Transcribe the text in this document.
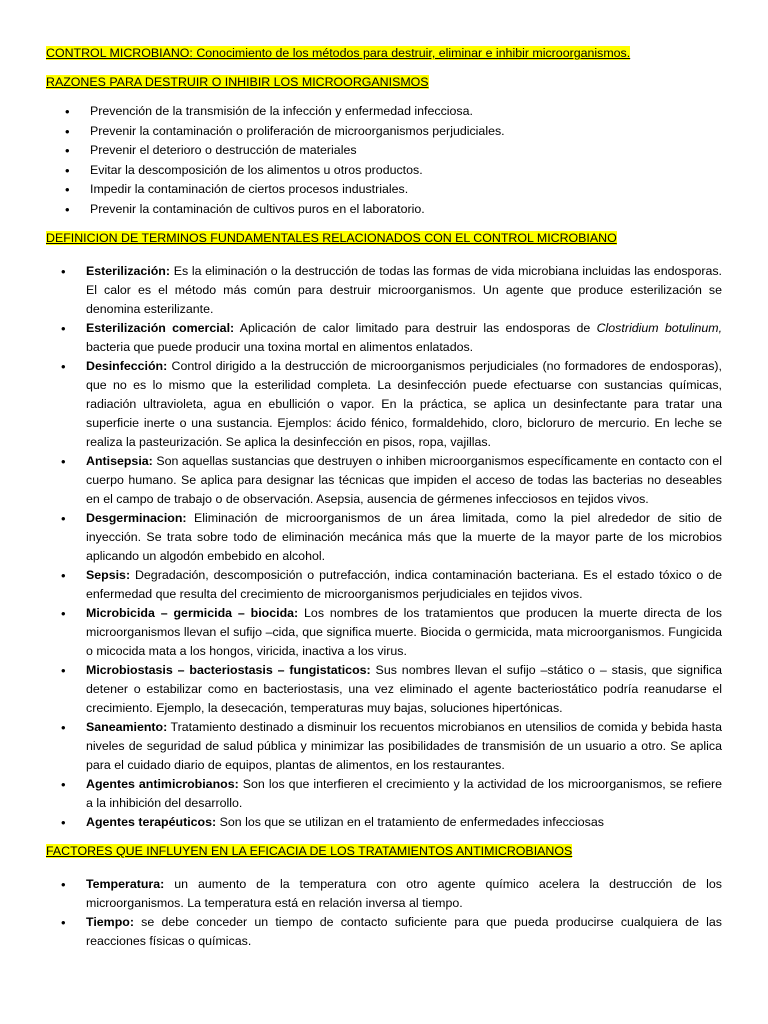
CONTROL MICROBIANO: Conocimiento de los métodos para destruir, eliminar e inhibir microorganismos.

RAZONES PARA DESTRUIR O INHIBIR LOS MICROORGANISMOS

• Prevención de la transmisión de la infección y enfermedad infecciosa.
• Prevenir la contaminación o proliferación de microorganismos perjudiciales.
• Prevenir el deterioro o destrucción de materiales
• Evitar la descomposición de los alimentos u otros productos.
• Impedir la contaminación de ciertos procesos industriales.
• Prevenir la contaminación de cultivos puros en el laboratorio.

DEFINICION DE TERMINOS FUNDAMENTALES RELACIONADOS CON EL CONTROL MICROBIANO

• Esterilización: Es la eliminación o la destrucción de todas las formas de vida microbiana incluidas las endosporas. El calor es el método más común para destruir microorganismos. Un agente que produce esterilización se denomina esterilizante.
• Esterilización comercial: Aplicación de calor limitado para destruir las endosporas de Clostridium botulinum, bacteria que puede producir una toxina mortal en alimentos enlatados.
• Desinfección: Control dirigido a la destrucción de microorganismos perjudiciales (no formadores de endosporas), que no es lo mismo que la esterilidad completa. La desinfección puede efectuarse con sustancias químicas, radiación ultravioleta, agua en ebullición o vapor. En la práctica, se aplica un desinfectante para tratar una superficie inerte o una sustancia. Ejemplos: ácido fénico, formaldehido, cloro, bicloruro de mercurio. En leche se realiza la pasteurización. Se aplica la desinfección en pisos, ropa, vajillas.
• Antisepsia: Son aquellas sustancias que destruyen o inhiben microorganismos específicamente en contacto con el cuerpo humano. Se aplica para designar las técnicas que impiden el acceso de todas las bacterias no deseables en el campo de trabajo o de observación. Asepsia, ausencia de gérmenes infecciosos en tejidos vivos.
• Desgerminacion: Eliminación de microorganismos de un área limitada, como la piel alrededor de sitio de inyección. Se trata sobre todo de eliminación mecánica más que la muerte de la mayor parte de los microbios aplicando un algodón embebido en alcohol.
• Sepsis: Degradación, descomposición o putrefacción, indica contaminación bacteriana. Es el estado tóxico o de enfermedad que resulta del crecimiento de microorganismos perjudiciales en tejidos vivos.
• Microbicida – germicida – biocida: Los nombres de los tratamientos que producen la muerte directa de los microorganismos llevan el sufijo –cida, que significa muerte. Biocida o germicida, mata microorganismos. Fungicida o micocida mata a los hongos, viricida, inactiva a los virus.
• Microbiostasis – bacteriostasis – fungistaticos: Sus nombres llevan el sufijo –stático o – stasis, que significa detener o estabilizar como en bacteriostasis, una vez eliminado el agente bacteriostático podría reanudarse el crecimiento. Ejemplo, la desecación, temperaturas muy bajas, soluciones hipertónicas.
• Saneamiento: Tratamiento destinado a disminuir los recuentos microbianos en utensilios de comida y bebida hasta niveles de seguridad de salud pública y minimizar las posibilidades de transmisión de un usuario a otro. Se aplica para el cuidado diario de equipos, plantas de alimentos, en los restaurantes.
• Agentes antimicrobianos: Son los que interfieren el crecimiento y la actividad de los microorganismos, se refiere a la inhibición del desarrollo.
• Agentes terapéuticos: Son los que se utilizan en el tratamiento de enfermedades infecciosas

FACTORES QUE INFLUYEN EN LA EFICACIA DE LOS TRATAMIENTOS ANTIMICROBIANOS

• Temperatura: un aumento de la temperatura con otro agente químico acelera la destrucción de los microorganismos. La temperatura está en relación inversa al tiempo.
• Tiempo: se debe conceder un tiempo de contacto suficiente para que pueda producirse cualquiera de las reacciones físicas o químicas.
